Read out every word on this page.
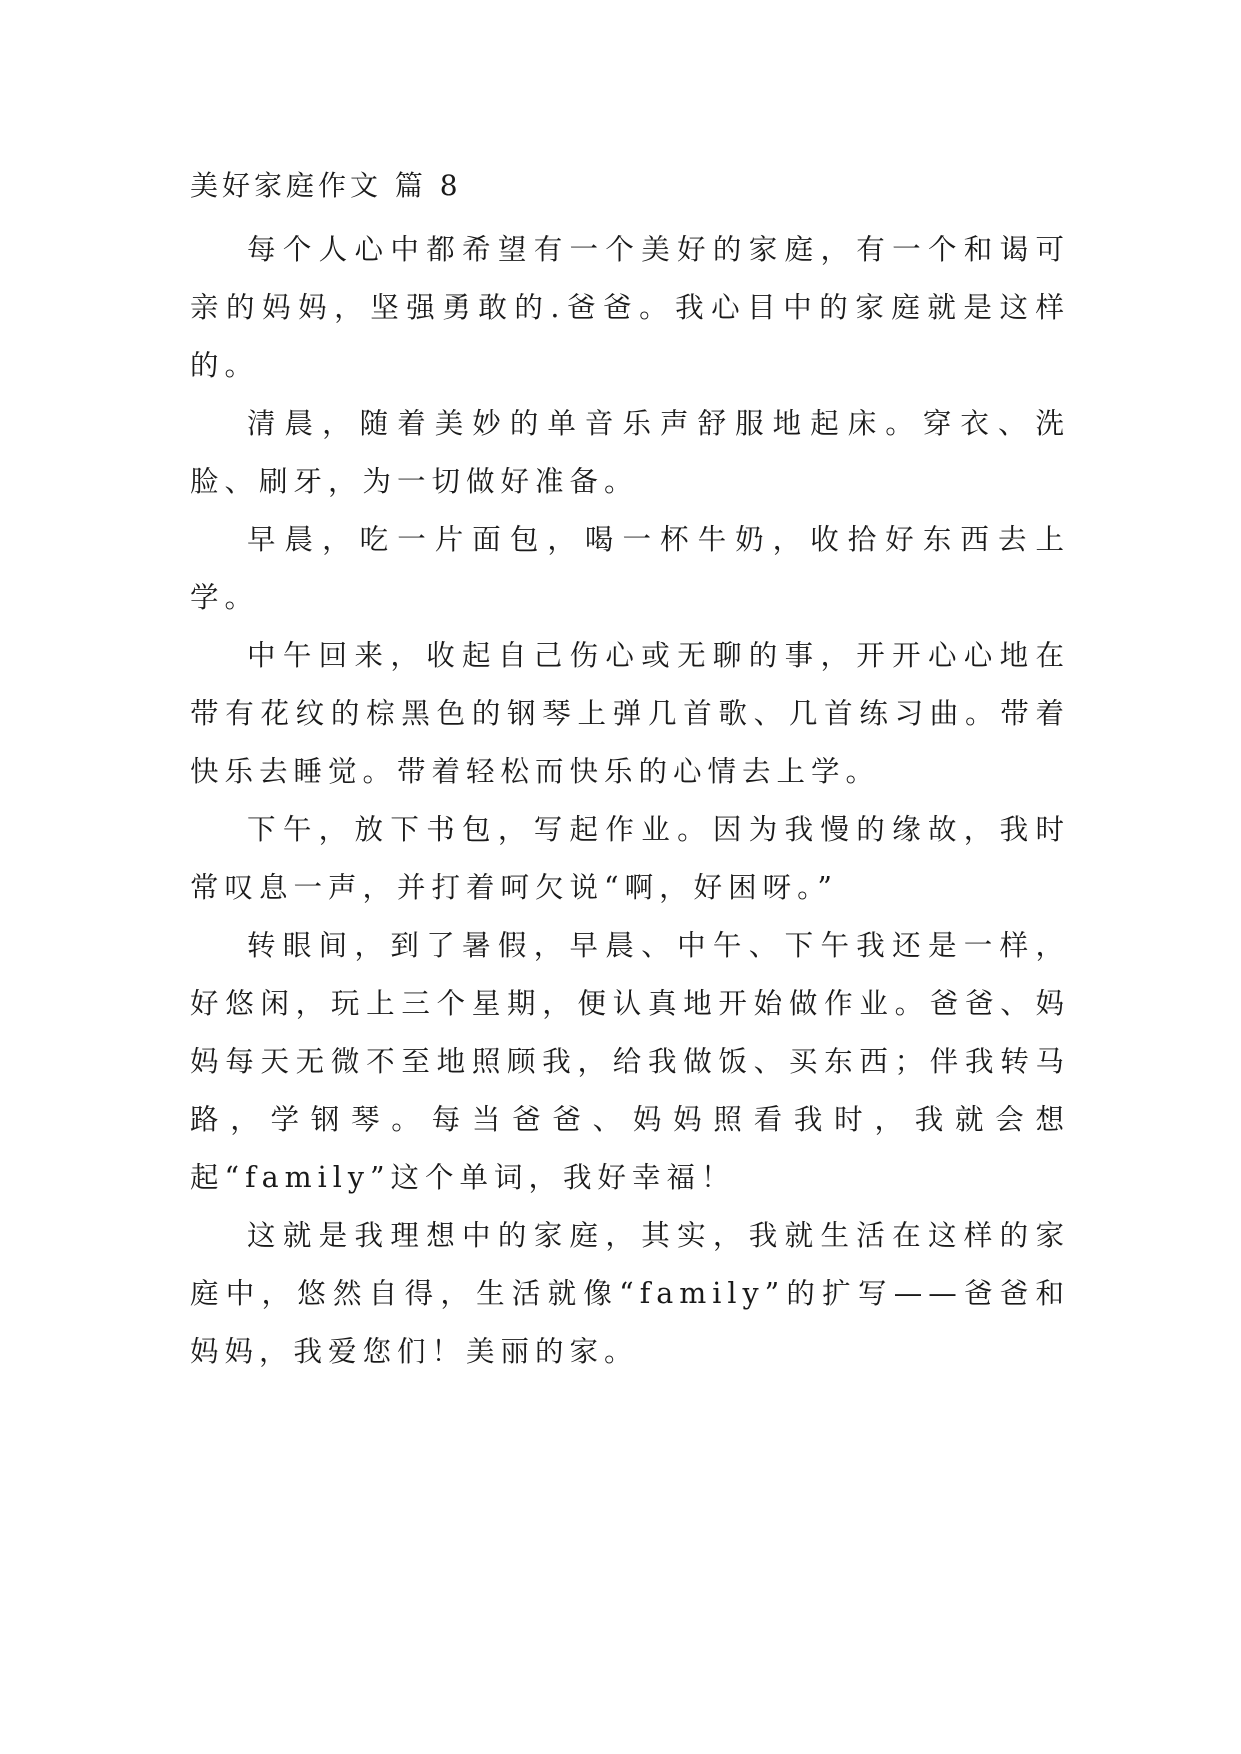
美好家庭作文 篇 8

每个人心中都希望有一个美好的家庭，有一个和谒可亲的妈妈，坚强勇敢的.爸爸。我心目中的家庭就是这样的。

清晨，随着美妙的单音乐声舒服地起床。穿衣、洗脸、刷牙，为一切做好准备。

早晨，吃一片面包，喝一杯牛奶，收拾好东西去上学。

中午回来，收起自己伤心或无聊的事，开开心心地在带有花纹的棕黑色的钢琴上弹几首歌、几首练习曲。带着快乐去睡觉。带着轻松而快乐的心情去上学。

下午，放下书包，写起作业。因为我慢的缘故，我时常叹息一声，并打着呵欠说“啊，好困呀。”

转眼间，到了暑假，早晨、中午、下午我还是一样，好悠闲，玩上三个星期，便认真地开始做作业。爸爸、妈妈每天无微不至地照顾我，给我做饭、买东西；伴我转马路，学钢琴。每当爸爸、妈妈照看我时，我就会想起“family”这个单词，我好幸福！

这就是我理想中的家庭，其实，我就生活在这样的家庭中，悠然自得，生活就像“family”的扩写——爸爸和妈妈，我爱您们！美丽的家。
